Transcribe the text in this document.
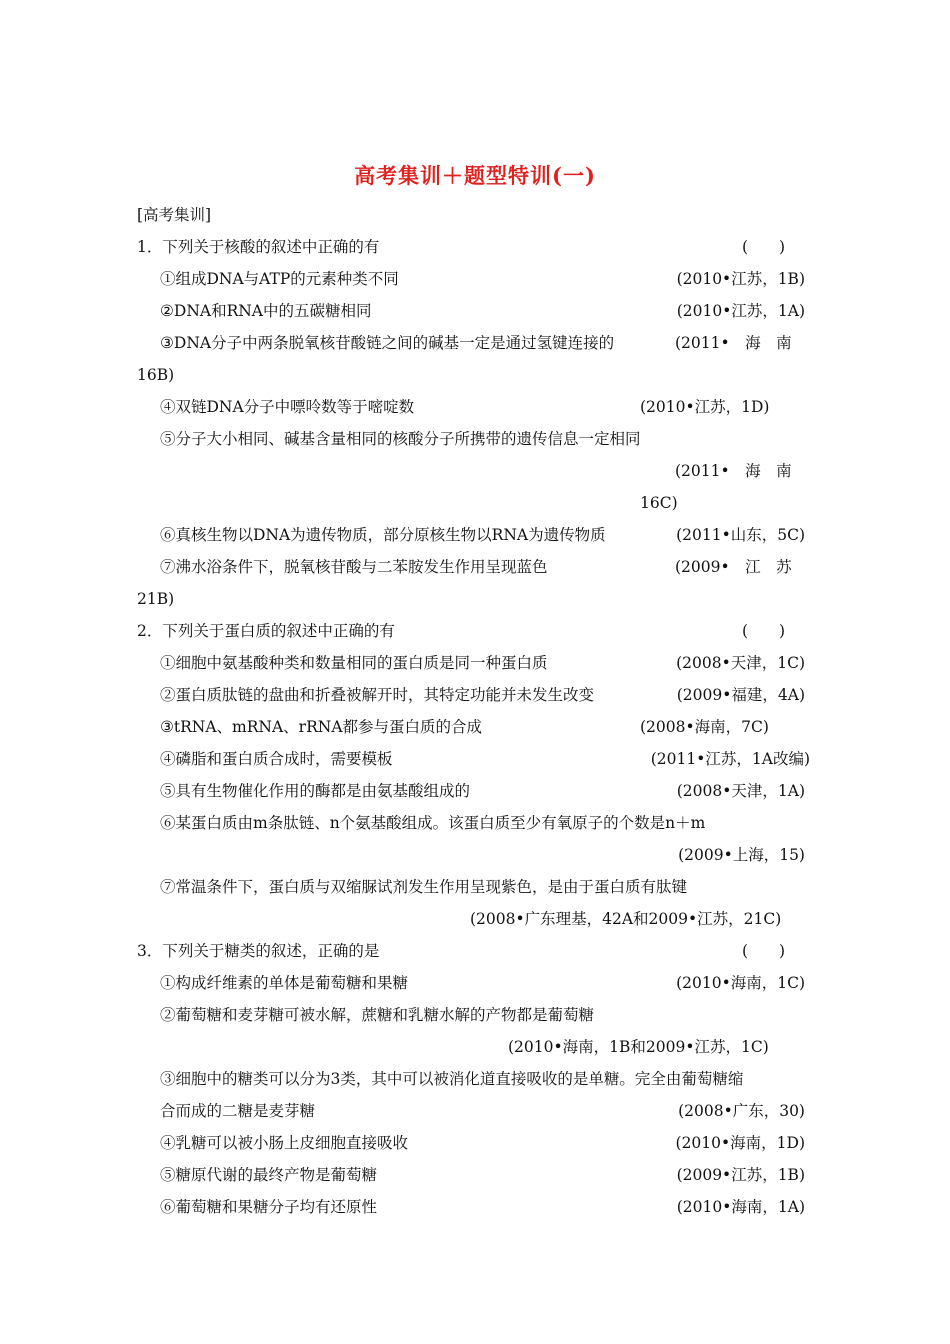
高考集训＋题型特训(一)
[高考集训]
1．下列关于核酸的叙述中正确的有	(　　)
①组成DNA与ATP的元素种类不同	(2010•江苏，1B)
②DNA和RNA中的五碳糖相同	(2010•江苏，1A)
③DNA分子中两条脱氧核苷酸链之间的碱基一定是通过氢键连接的	(2011•　海　南
16B)
④双链DNA分子中嘌呤数等于嘧啶数	(2010•江苏，1D)
⑤分子大小相同、碱基含量相同的核酸分子所携带的遗传信息一定相同
(2011•　海　南
16C)
⑥真核生物以DNA为遗传物质，部分原核生物以RNA为遗传物质	(2011•山东，5C)
⑦沸水浴条件下，脱氧核苷酸与二苯胺发生作用呈现蓝色	(2009•　江　苏
21B)
2．下列关于蛋白质的叙述中正确的有	(　　)
①细胞中氨基酸种类和数量相同的蛋白质是同一种蛋白质	(2008•天津，1C)
②蛋白质肽链的盘曲和折叠被解开时，其特定功能并未发生改变	(2009•福建，4A)
③tRNA、mRNA、rRNA都参与蛋白质的合成	(2008•海南，7C)
④磷脂和蛋白质合成时，需要模板	(2011•江苏，1A改编)
⑤具有生物催化作用的酶都是由氨基酸组成的	(2008•天津，1A)
⑥某蛋白质由m条肽链、n个氨基酸组成。该蛋白质至少有氧原子的个数是n＋m
(2009•上海，15)
⑦常温条件下，蛋白质与双缩脲试剂发生作用呈现紫色，是由于蛋白质有肽键
(2008•广东理基，42A和2009•江苏，21C)
3．下列关于糖类的叙述，正确的是	(　　)
①构成纤维素的单体是葡萄糖和果糖	(2010•海南，1C)
②葡萄糖和麦芽糖可被水解，蔗糖和乳糖水解的产物都是葡萄糖
(2010•海南，1B和2009•江苏，1C)
③细胞中的糖类可以分为3类，其中可以被消化道直接吸收的是单糖。完全由葡萄糖缩
合而成的二糖是麦芽糖	(2008•广东，30)
④乳糖可以被小肠上皮细胞直接吸收	(2010•海南，1D)
⑤糖原代谢的最终产物是葡萄糖	(2009•江苏，1B)
⑥葡萄糖和果糖分子均有还原性	(2010•海南，1A)
